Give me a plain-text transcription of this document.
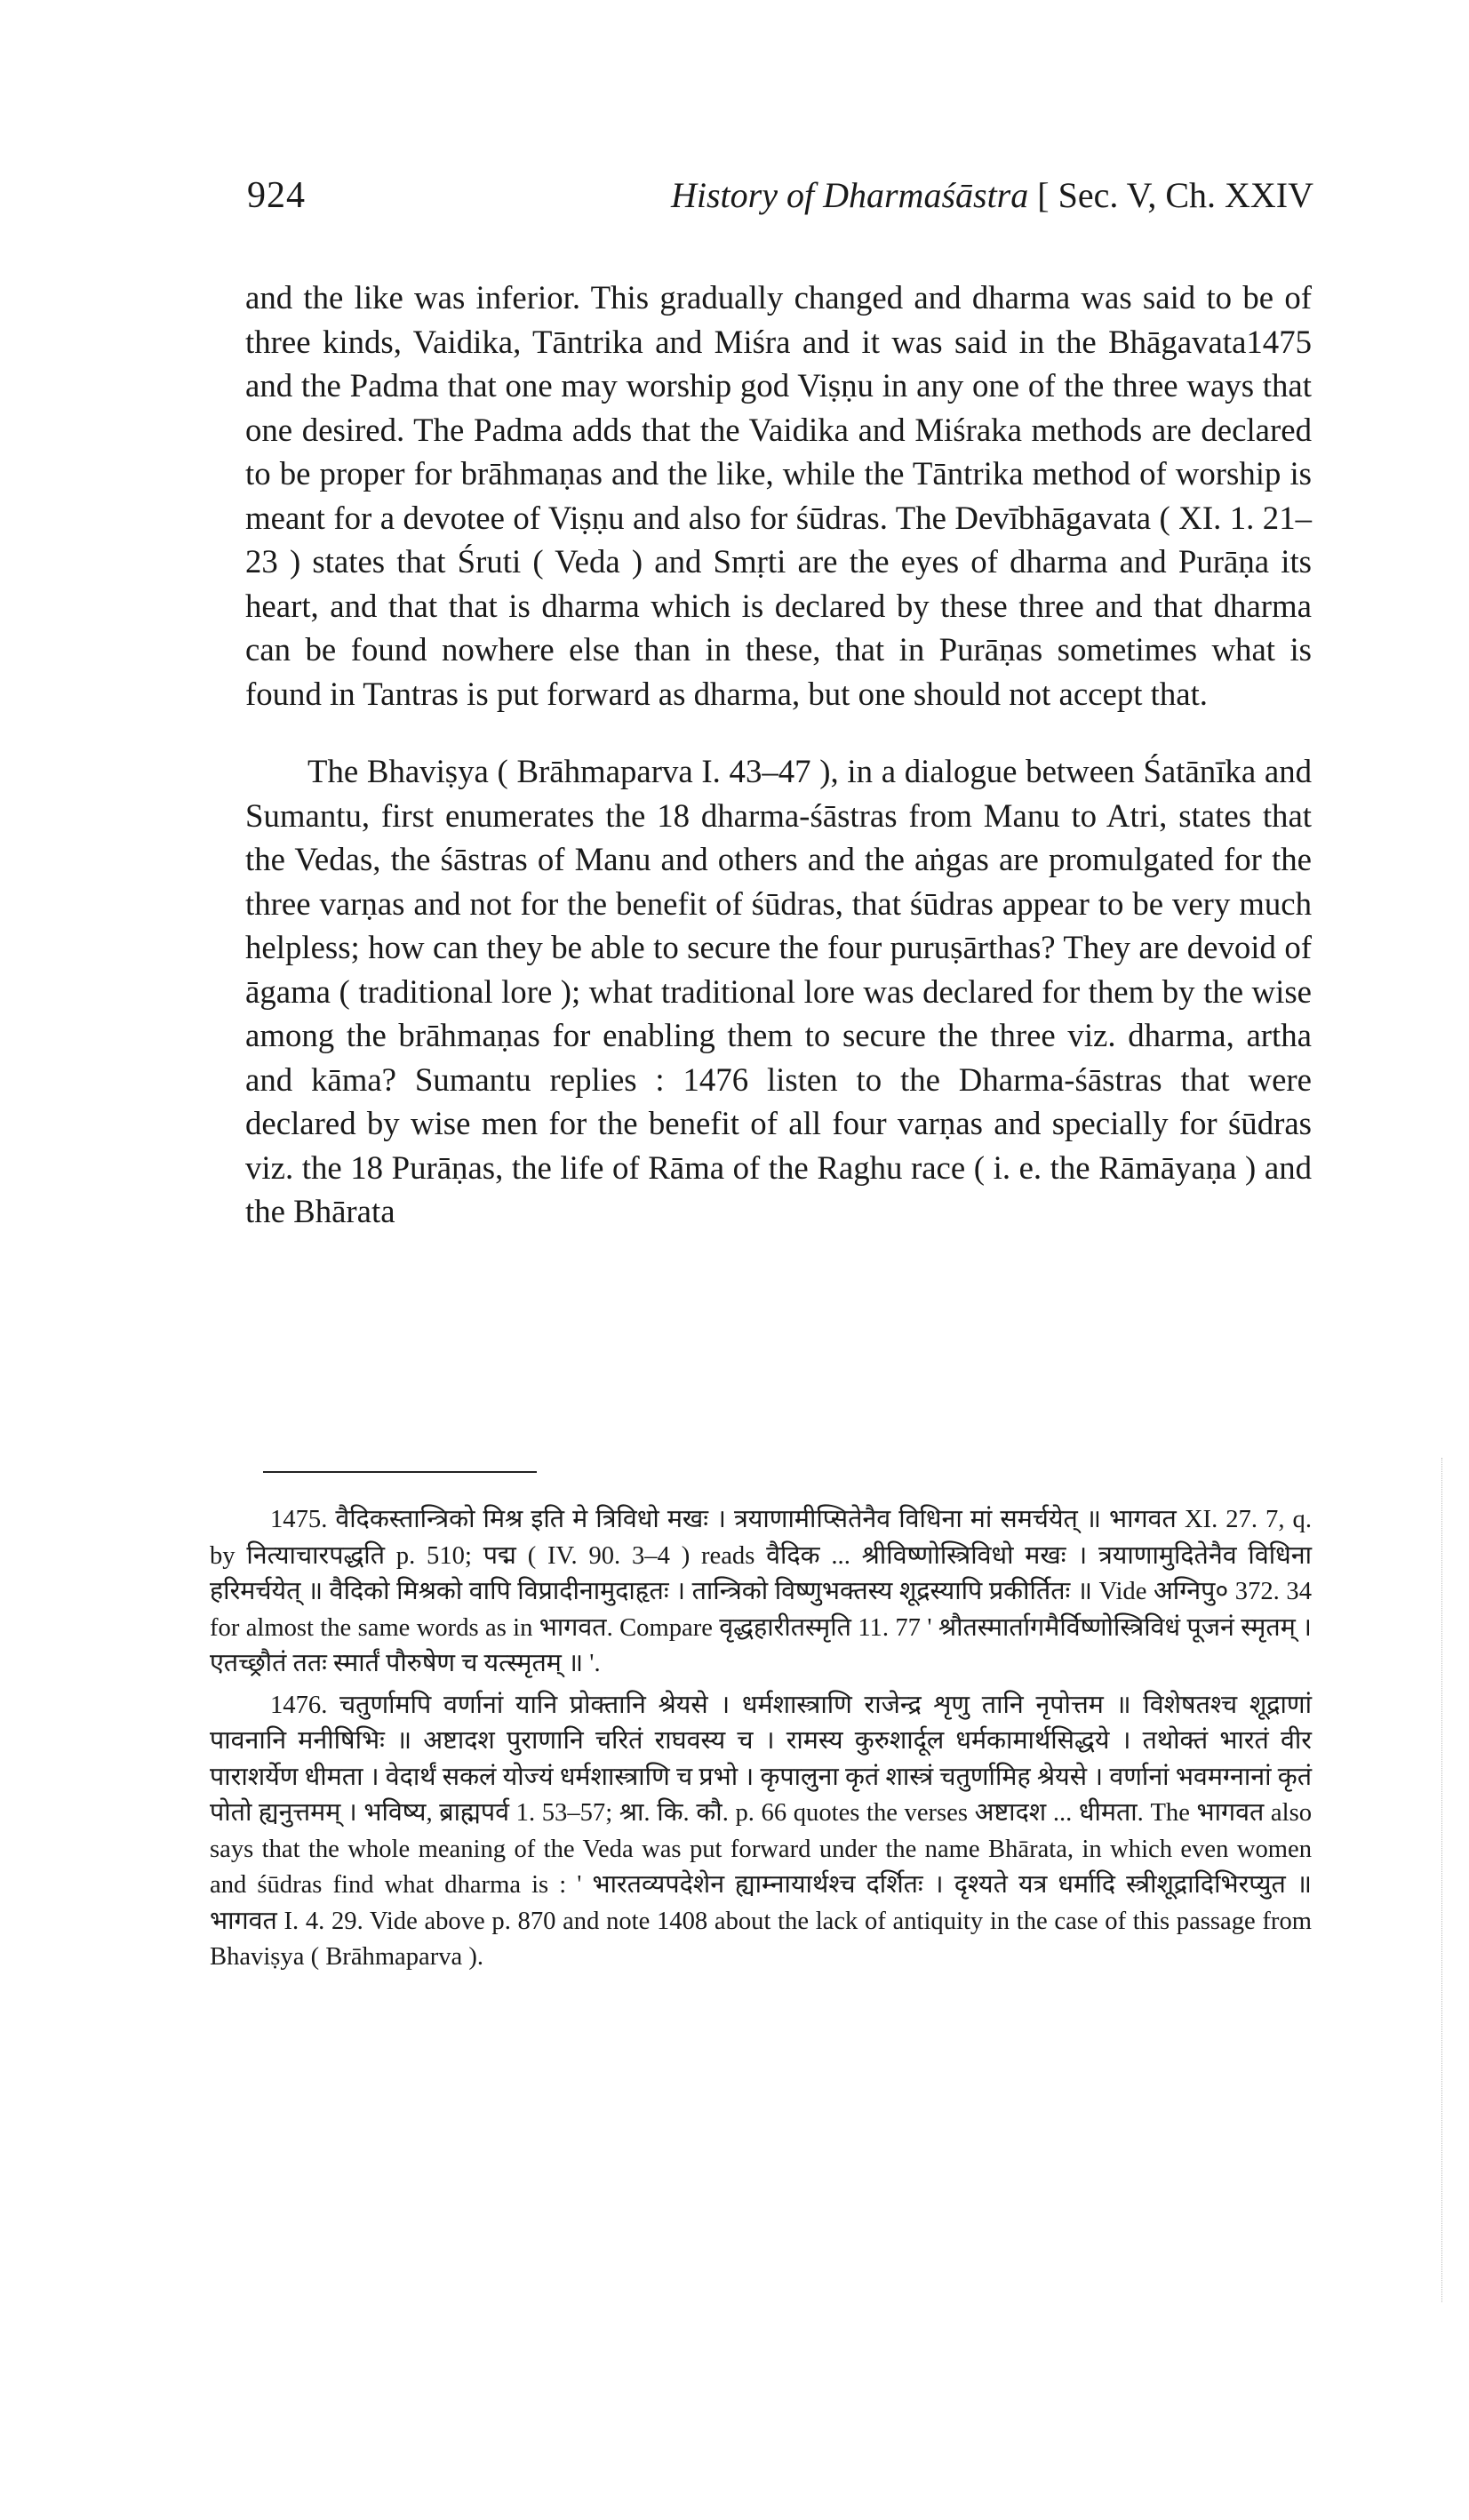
924	History of Dharmaśāstra [ Sec. V, Ch. XXIV

and the like was inferior. This gradually changed and dharma was said to be of three kinds, Vaidika, Tāntrika and Miśra and it was said in the Bhāgavata1475 and the Padma that one may worship god Viṣṇu in any one of the three ways that one desired. The Padma adds that the Vaidika and Miśraka methods are declared to be proper for brāhmaṇas and the like, while the Tāntrika method of worship is meant for a devotee of Viṣṇu and also for śūdras. The Devībhāgavata ( XI. 1. 21–23 ) states that Śruti ( Veda ) and Smṛti are the eyes of dharma and Purāṇa its heart, and that that is dharma which is declared by these three and that dharma can be found nowhere else than in these, that in Purāṇas sometimes what is found in Tantras is put forward as dharma, but one should not accept that.

The Bhaviṣya ( Brāhmaparva I. 43–47 ), in a dialogue between Śatānīka and Sumantu, first enumerates the 18 dharma-śāstras from Manu to Atri, states that the Vedas, the śāstras of Manu and others and the aṅgas are promulgated for the three varṇas and not for the benefit of śūdras, that śūdras appear to be very much helpless; how can they be able to secure the four puruṣārthas? They are devoid of āgama ( traditional lore ); what traditional lore was declared for them by the wise among the brāhmaṇas for enabling them to secure the three viz. dharma, artha and kāma? Sumantu replies : 1476 listen to the Dharma-śāstras that were declared by wise men for the benefit of all four varṇas and specially for śūdras viz. the 18 Purāṇas, the life of Rāma of the Raghu race ( i. e. the Rāmāyaṇa ) and the Bhārata

1475. वैदिकस्तान्त्रिको मिश्र इति मे त्रिविधो मखः । त्रयाणामीप्सितेनैव विधिना मां समर्चयेत् ॥ भागवत XI. 27. 7, q. by नित्याचारपद्धति p. 510; पद्म ( IV. 90. 3–4 ) reads वैदिक ... श्रीविष्णोस्त्रिविधो मखः । त्रयाणामुदितेनैव विधिना हरिमर्चयेत् ॥ वैदिको मिश्रको वापि विप्रादीनामुदाहृतः । तान्त्रिको विष्णुभक्तस्य शूद्रस्यापि प्रकीर्तितः ॥ Vide अग्निपु० 372. 34 for almost the same words as in भागवत. Compare वृद्धहारीतस्मृति 11. 77 ' श्रौतस्मार्तागमैर्विष्णोस्त्रिविधं पूजनं स्मृतम् । एतच्छ्रौतं ततः स्मार्तं पौरुषेण च यत्स्मृतम् ॥ '.

1476. चतुर्णामपि वर्णानां यानि प्रोक्तानि श्रेयसे । धर्मशास्त्राणि राजेन्द्र शृणु तानि नृपोत्तम ॥ विशेषतश्च शूद्राणां पावनानि मनीषिभिः ॥ अष्टादश पुराणानि चरितं राघवस्य च । रामस्य कुरुशार्दूल धर्मकामार्थसिद्धये । तथोक्तं भारतं वीर पाराशर्येण धीमता । वेदार्थं सकलं योज्यं धर्मशास्त्राणि च प्रभो । कृपालुना कृतं शास्त्रं चतुर्णामिह श्रेयसे । वर्णानां भवमग्नानां कृतं पोतो ह्यनुत्तमम् । भविष्य, ब्राह्मपर्व 1. 53–57; श्रा. कि. कौ. p. 66 quotes the verses अष्टादश ... धीमता. The भागवत also says that the whole meaning of the Veda was put forward under the name Bhārata, in which even women and śūdras find what dharma is : ' भारतव्यपदेशेन ह्याम्नायार्थश्च दर्शितः । दृश्यते यत्र धर्मादि स्त्रीशूद्रादिभिरप्युत ॥ भागवत I. 4. 29. Vide above p. 870 and note 1408 about the lack of antiquity in the case of this passage from Bhaviṣya ( Brāhmaparva ).
